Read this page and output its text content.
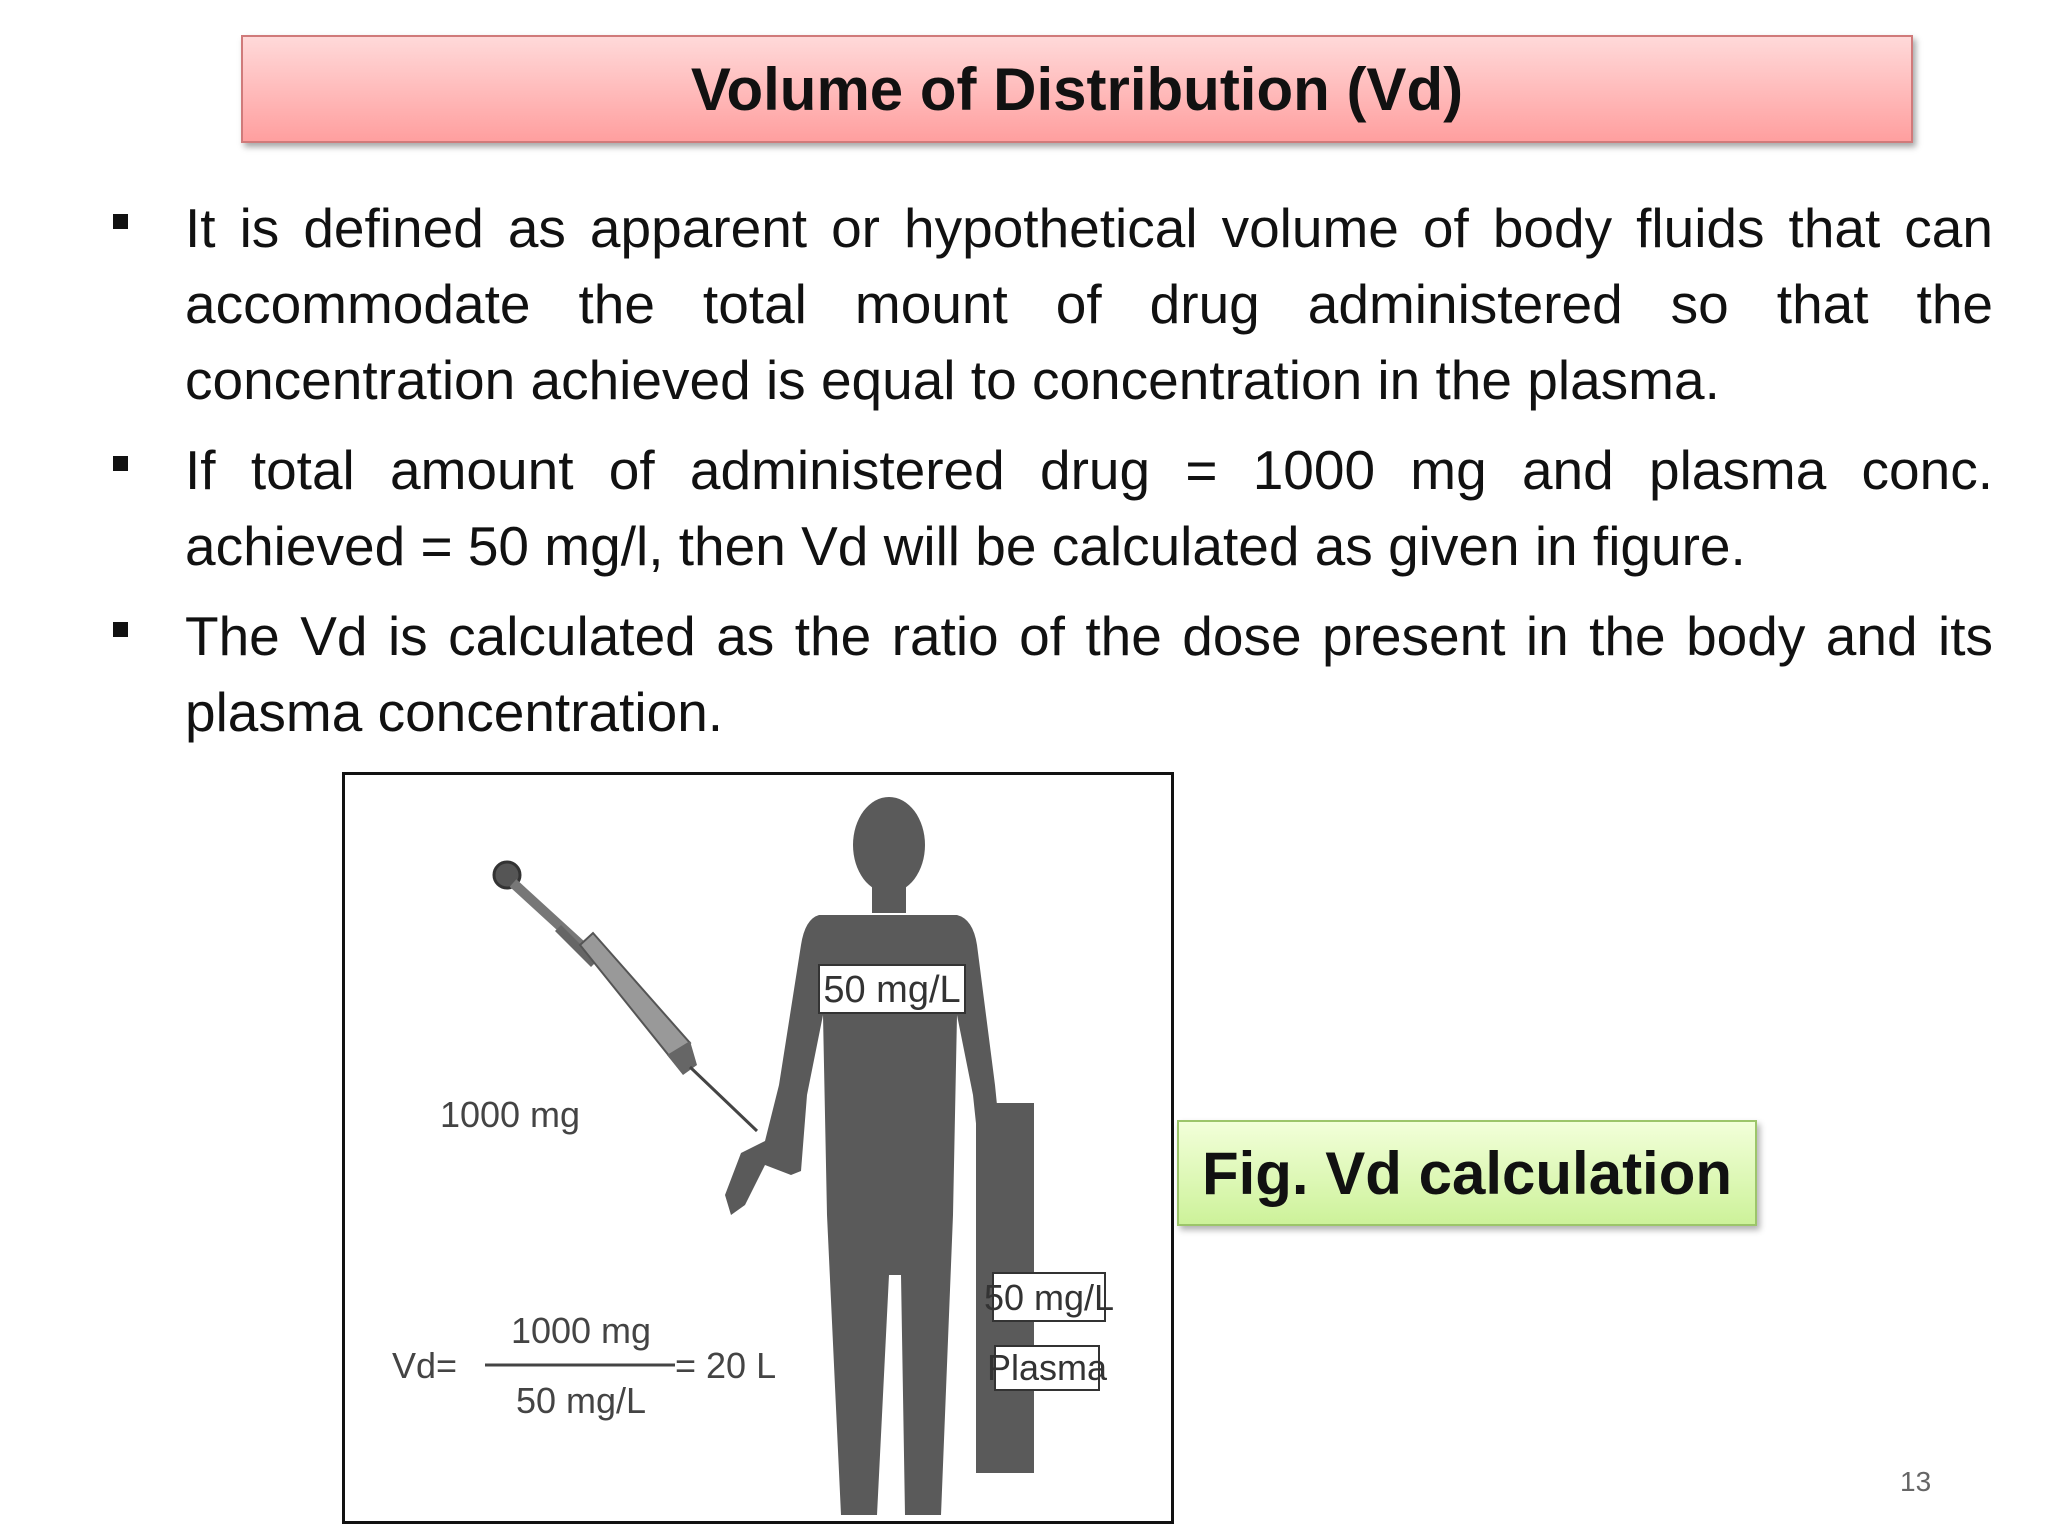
Volume of Distribution (Vd)
It is defined as apparent or hypothetical volume of body fluids that can accommodate the total mount of drug administered so that the concentration achieved is equal to concentration in the plasma.
If total amount of administered drug = 1000 mg and plasma conc. achieved = 50 mg/l, then Vd will be calculated as given in figure.
The Vd is calculated as the ratio of the dose present in the body and its plasma concentration.
50 mg/L
50 mg/L
Plasma
1000 mg
Vd=
1000 mg
50 mg/L
= 20 L
Fig. Vd calculation
13
